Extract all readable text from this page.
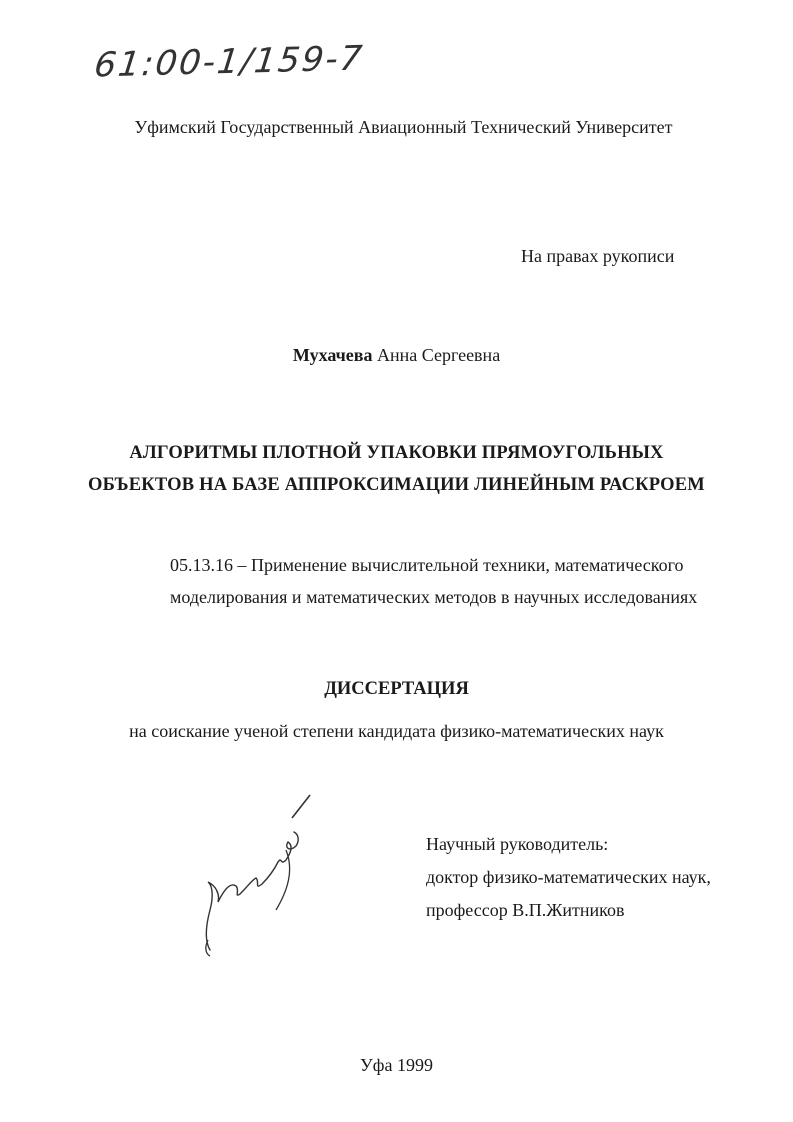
61:00-1/159-7
Уфимский Государственный Авиационный Технический Университет
На правах рукописи
Мухачева Анна Сергеевна
АЛГОРИТМЫ ПЛОТНОЙ УПАКОВКИ ПРЯМОУГОЛЬНЫХ
ОБЪЕКТОВ НА БАЗЕ АППРОКСИМАЦИИ ЛИНЕЙНЫМ РАСКРОЕМ
05.13.16 – Применение вычислительной техники, математического
моделирования и математических методов в научных исследованиях
ДИССЕРТАЦИЯ
на соискание ученой степени кандидата физико-математических наук
Научный руководитель:
доктор физико-математических наук,
профессор В.П.Житников
Уфа 1999
